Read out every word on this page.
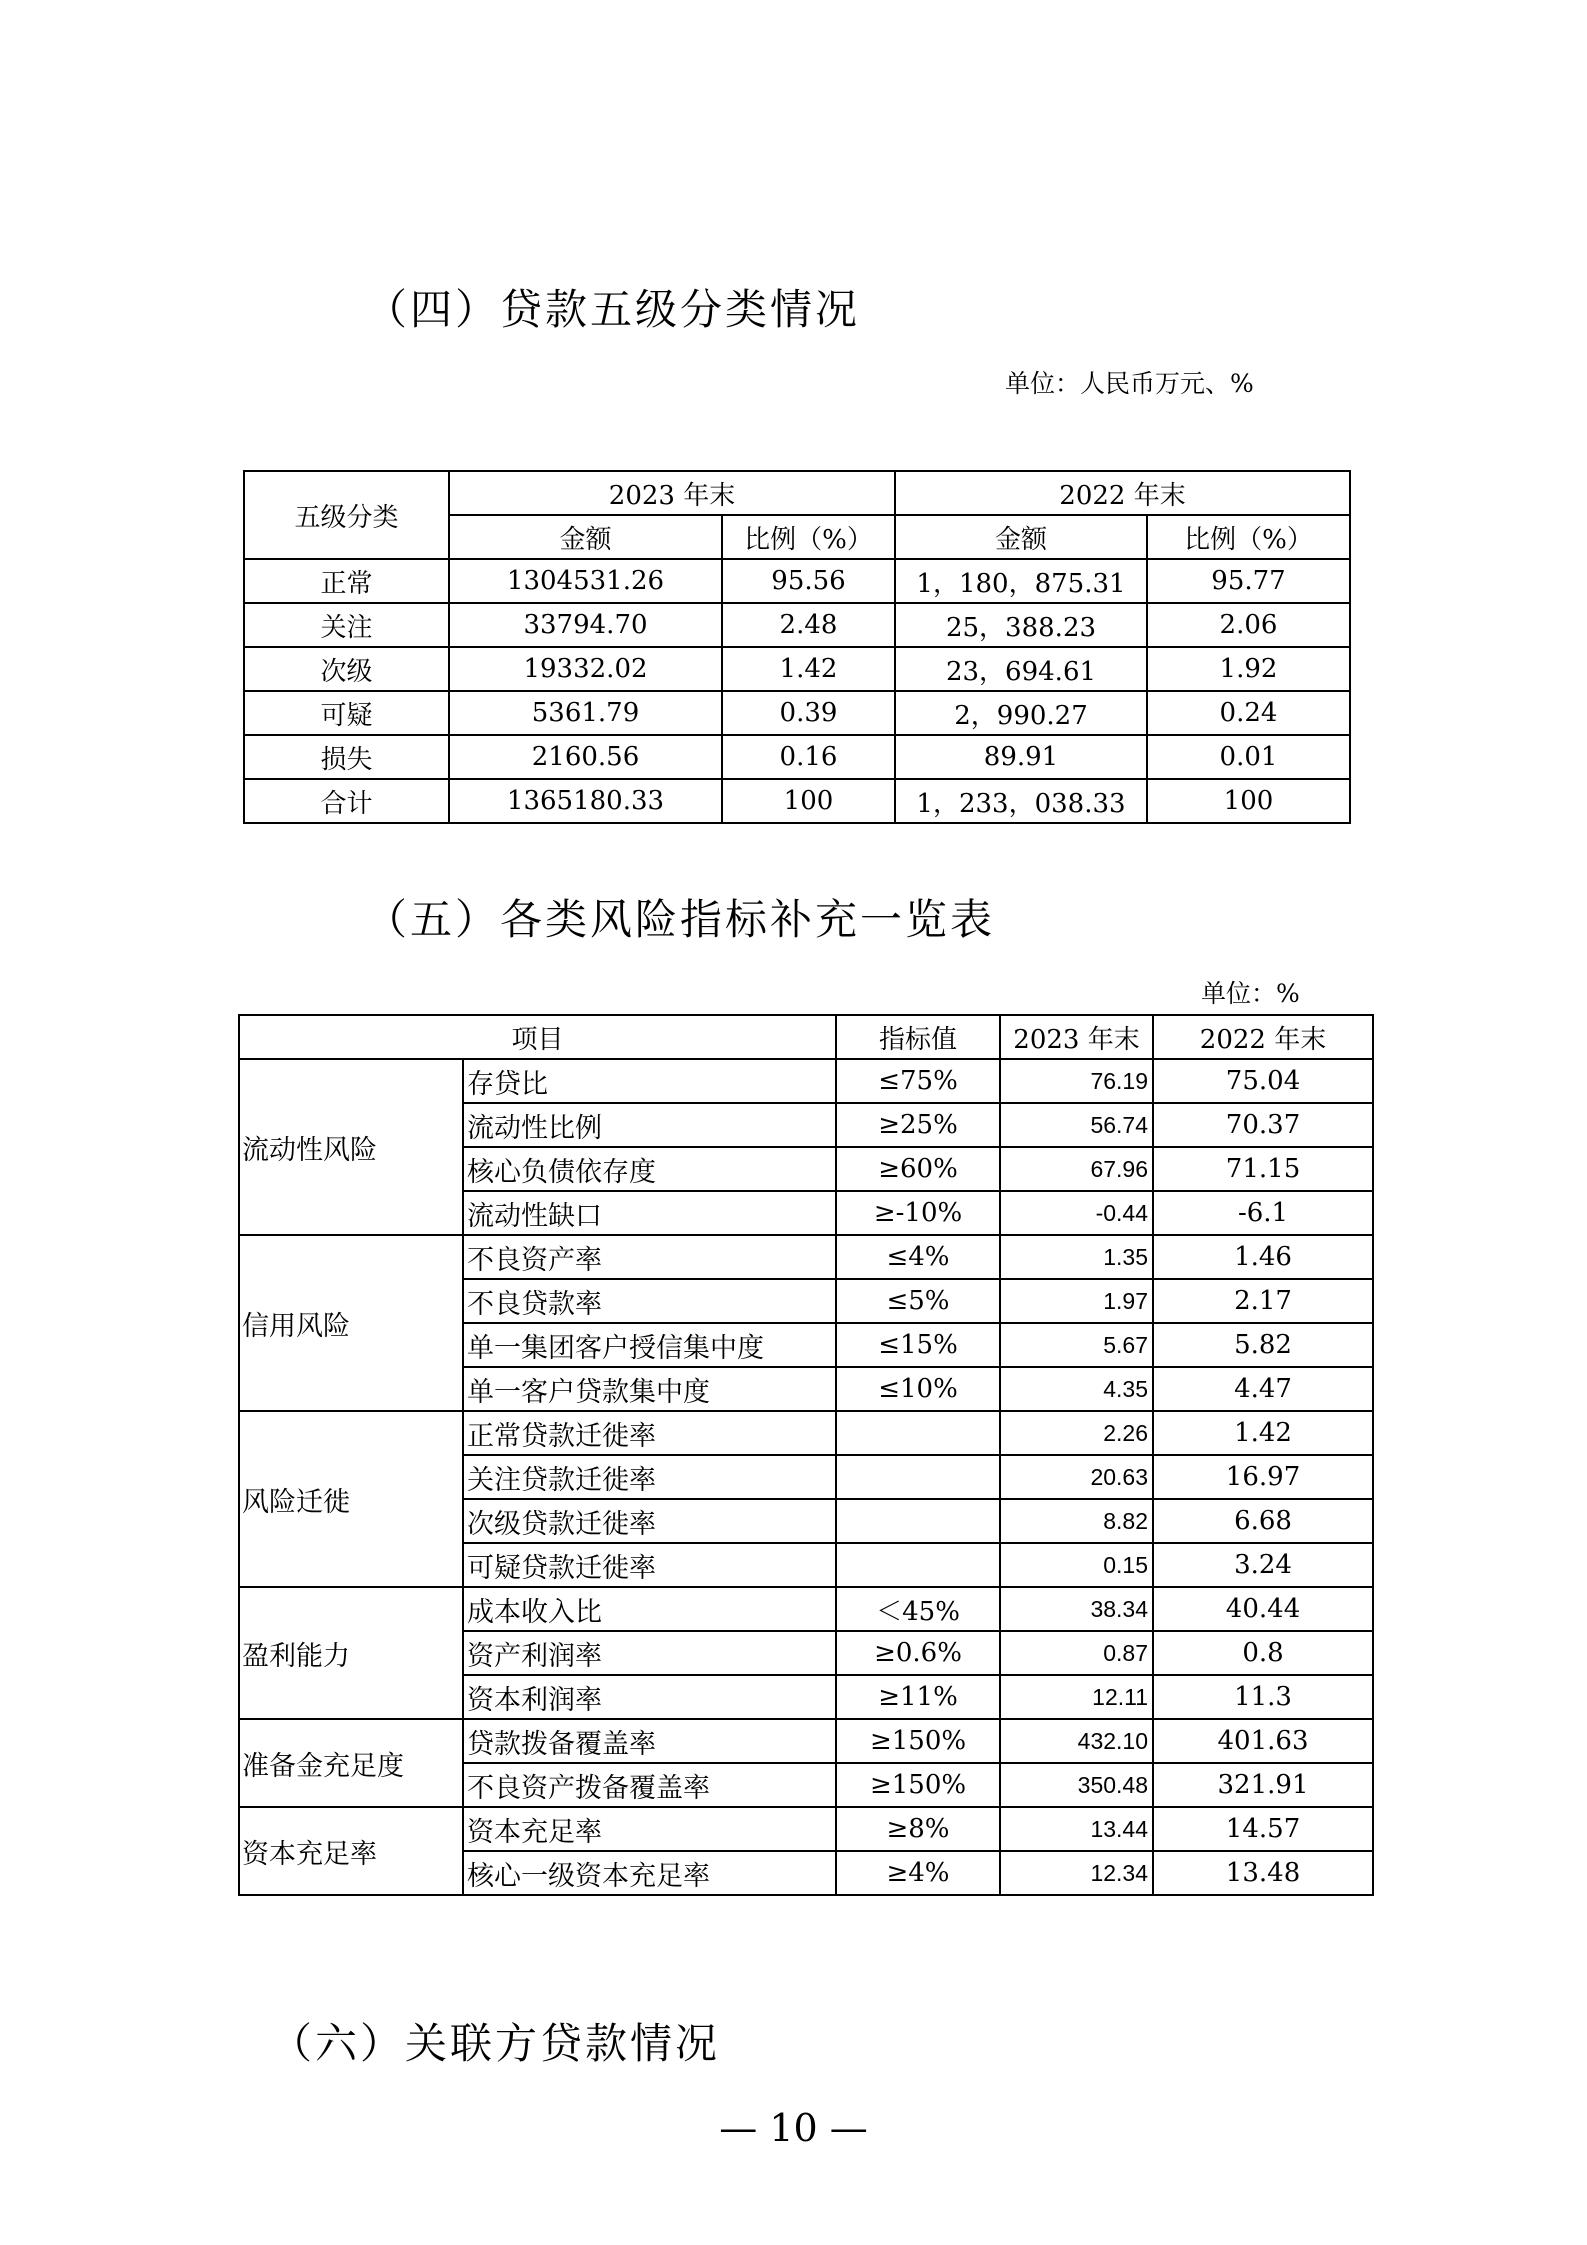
（四）贷款五级分类情况
单位：人民币万元、%
五级分类	2023 年末		2022 年末	
	金额	比例（%）	金额	比例（%）
正常	1304531.26	95.56	1，180，875.31	95.77
关注	33794.70	2.48	25，388.23	2.06
次级	19332.02	1.42	23，694.61	1.92
可疑	5361.79	0.39	2，990.27	0.24
损失	2160.56	0.16	89.91	0.01
合计	1365180.33	100	1，233，038.33	100
（五）各类风险指标补充一览表
单位：%
项目		指标值	2023 年末	2022 年末
流动性风险	存贷比	≤75%	76.19	75.04
	流动性比例	≥25%	56.74	70.37
	核心负债依存度	≥60%	67.96	71.15
	流动性缺口	≥-10%	-0.44	-6.1
信用风险	不良资产率	≤4%	1.35	1.46
	不良贷款率	≤5%	1.97	2.17
	单一集团客户授信集中度	≤15%	5.67	5.82
	单一客户贷款集中度	≤10%	4.35	4.47
风险迁徙	正常贷款迁徙率		2.26	1.42
	关注贷款迁徙率		20.63	16.97
	次级贷款迁徙率		8.82	6.68
	可疑贷款迁徙率		0.15	3.24
盈利能力	成本收入比	＜45%	38.34	40.44
	资产利润率	≥0.6%	0.87	0.8
	资本利润率	≥11%	12.11	11.3
准备金充足度	贷款拨备覆盖率	≥150%	432.10	401.63
	不良资产拨备覆盖率	≥150%	350.48	321.91
资本充足率	资本充足率	≥8%	13.44	14.57
	核心一级资本充足率	≥4%	12.34	13.48
（六）关联方贷款情况
— 10 —
